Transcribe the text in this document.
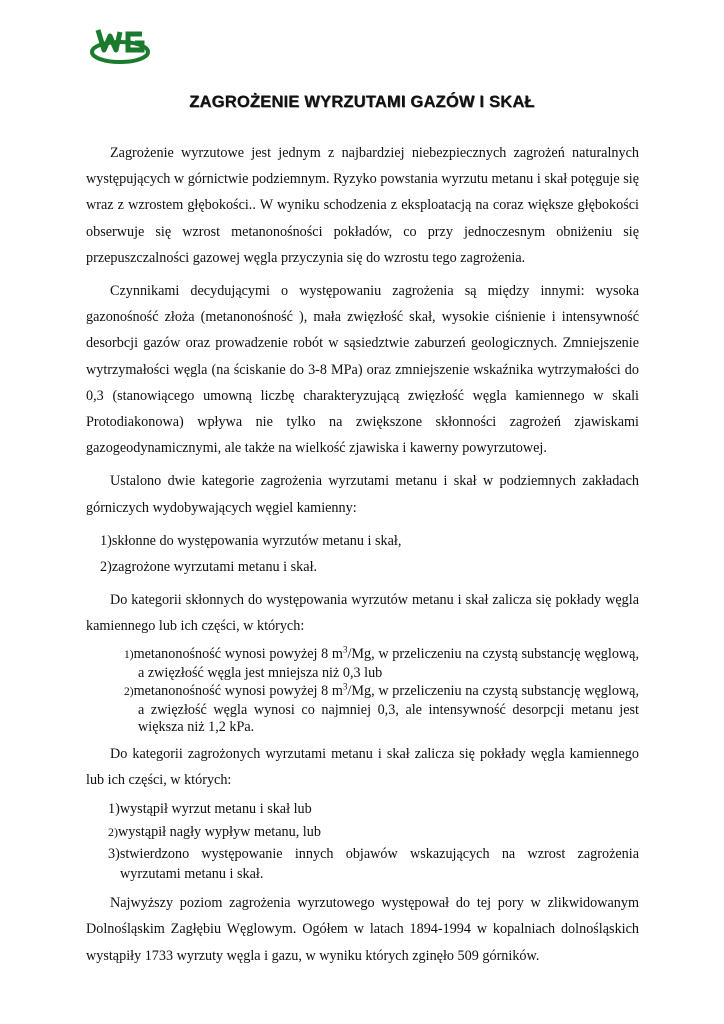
ZAGROŻENIE WYRZUTAMI GAZÓW I SKAŁ

Zagrożenie wyrzutowe jest jednym z najbardziej niebezpiecznych zagrożeń naturalnych występujących w górnictwie podziemnym. Ryzyko powstania wyrzutu metanu i skał potęguje się wraz z wzrostem głębokości.. W wyniku schodzenia z eksploatacją na coraz większe głębokości obserwuje się wzrost metanonośności pokładów, co przy jednoczesnym obniżeniu się przepuszczalności gazowej węgla przyczynia się do wzrostu tego zagrożenia.

Czynnikami decydującymi o występowaniu zagrożenia są między innymi: wysoka gazonośność złoża (metanonośność ), mała zwięzłość skał, wysokie ciśnienie i intensywność desorbcji gazów oraz prowadzenie robót w sąsiedztwie zaburzeń geologicznych. Zmniejszenie wytrzymałości węgla (na ściskanie do 3-8 MPa) oraz zmniejszenie wskaźnika wytrzymałości do 0,3 (stanowiącego umowną liczbę charakteryzującą zwięzłość węgla kamiennego w skali Protodiakonowa) wpływa nie tylko na zwiększone skłonności zagrożeń zjawiskami gazogeodynamicznymi, ale także na wielkość zjawiska i kawerny powyrzutowej.

Ustalono dwie kategorie zagrożenia wyrzutami metanu i skał w podziemnych zakładach górniczych wydobywających węgiel kamienny:

1)skłonne do występowania wyrzutów metanu i skał,
2)zagrożone wyrzutami metanu i skał.

Do kategorii skłonnych do występowania wyrzutów metanu i skał zalicza się pokłady węgla kamiennego lub ich części, w których:

1)metanonośność wynosi powyżej 8 $m^3/Mg$, w przeliczeniu na czystą substancję węglową, a zwięzłość węgla jest mniejsza niż 0,3 lub
2)metanonośność wynosi powyżej 8 $m^3/Mg$, w przeliczeniu na czystą substancję węglową, a zwięzłość węgla wynosi co najmniej 0,3, ale intensywność desorpcji metanu jest większa niż 1,2 kPa.

Do kategorii zagrożonych wyrzutami metanu i skał zalicza się pokłady węgla kamiennego lub ich części, w których:

1)wystąpił wyrzut metanu i skał lub
2)wystąpił nagły wypływ metanu, lub
3)stwierdzono występowanie innych objawów wskazujących na wzrost zagrożenia wyrzutami metanu i skał.

Najwyższy poziom zagrożenia wyrzutowego występował do tej pory w zlikwidowanym Dolnośląskim Zagłębiu Węglowym. Ogółem w latach 1894-1994 w kopalniach dolnośląskich wystąpiły 1733 wyrzuty węgla i gazu, w wyniku których zginęło 509 górników.
